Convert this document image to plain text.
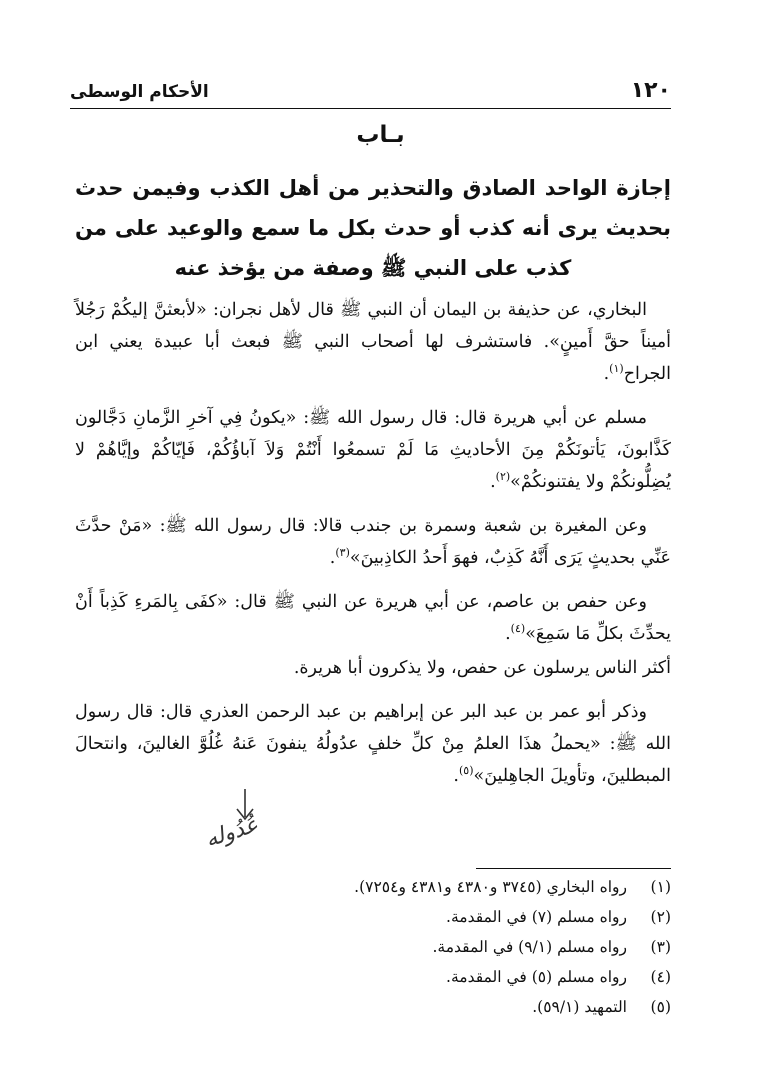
١٢٠
الأحكام الوسطى
بـاب
إجازة الواحد الصادق والتحذير من أهل الكذب وفيمن حدث بحديث يرى أنه كذب أو حدث بكل ما سمع والوعيد على من كذب على النبي ﷺ وصفة من يؤخذ عنه

البخاري، عن حذيفة بن اليمان أن النبي ﷺ قال لأهل نجران: «لأبعثنَّ إليكُمْ رَجُلاً أميناً حقَّ أَمينٍ». فاستشرف لها أصحاب النبي ﷺ فبعث أبا عبيدة يعني ابن الجراح$^{(١)}$.

مسلم عن أبي هريرة قال: قال رسول الله ﷺ: «يكونُ فِي آخرِ الزَّمانِ دَجَّالون كَذَّابونَ، يَأتونَكُمْ مِنَ الأحاديثِ مَا لَمْ تسمعُوا أَنْتُمْ وَلاَ آباؤُكُمْ، فَإيّاكُمْ وإيَّاهُمْ لا يُضِلُّونكُمْ ولا يفتنونكُمْ»$^{(٢)}$.

وعن المغيرة بن شعبة وسمرة بن جندب قالا: قال رسول الله ﷺ: «مَنْ حدَّثَ عَنِّي بحديثٍ يَرَى أَنَّهُ كَذِبٌ، فهوَ أَحدُ الكاذِبينَ»$^{(٣)}$.

وعن حفص بن عاصم، عن أبي هريرة عن النبي ﷺ قال: «كفَى بِالمَرءِ كَذِباً أَنْ يحدِّثَ بكلِّ مَا سَمِعَ»$^{(٤)}$.

أكثر الناس يرسلون عن حفص، ولا يذكرون أبا هريرة.

وذكر أبو عمر بن عبد البر عن إبراهيم بن عبد الرحمن العذري قال: قال رسول الله ﷺ: «يحملُ هذَا العلمُ مِنْ كلِّ خلفٍ عدُولُهُ ينفونَ عَنهُ غُلُوَّ الغالينَ، وانتحالَ المبطلينَ، وتأويلَ الجاهِلينَ»$^{(٥)}$.

عُدُوله
(١)
رواه البخاري (٣٧٤٥ و٤٣٨٠ و٤٣٨١ و٧٢٥٤).
(٢)
رواه مسلم (٧) في المقدمة.
(٣)
رواه مسلم (٩/١) في المقدمة.
(٤)
رواه مسلم (٥) في المقدمة.
(٥)
التمهيد (٥٩/١).
